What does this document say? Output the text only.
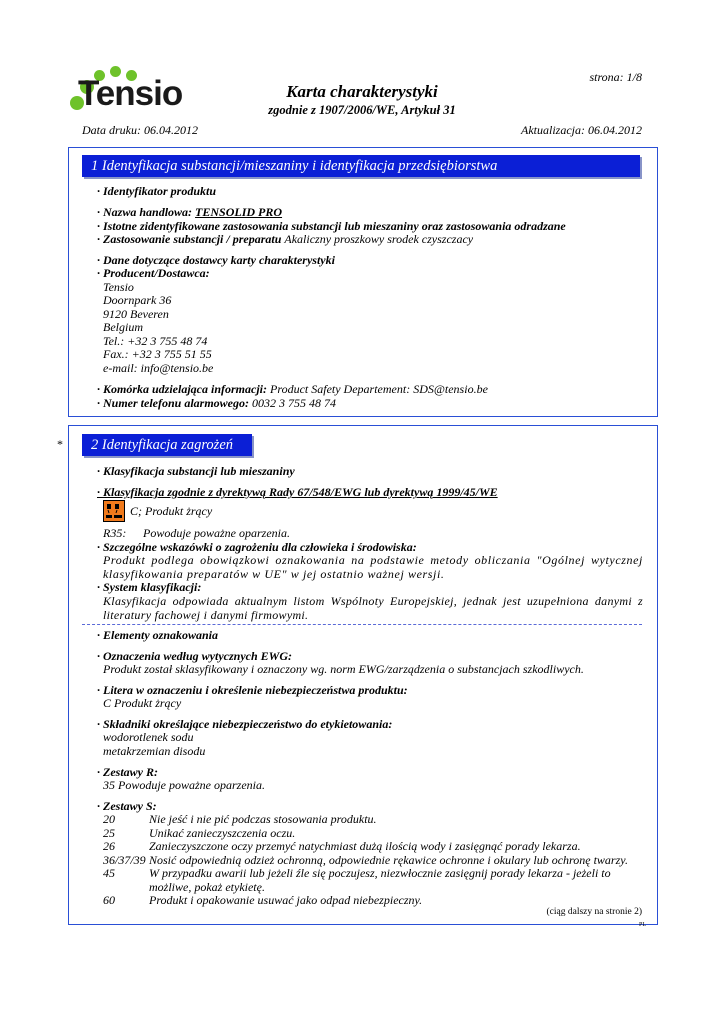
Tensio	strona: 1/8
Karta charakterystyki
zgodnie z 1907/2006/WE, Artykuł 31
Data druku: 06.04.2012	Aktualizacja: 06.04.2012
1 Identyfikacja substancji/mieszaniny i identyfikacja przedsiębiorstwa
· Identyfikator produktu
· Nazwa handlowa: TENSOLID PRO
· Istotne zidentyfikowane zastosowania substancji lub mieszaniny oraz zastosowania odradzane
· Zastosowanie substancji / preparatu Akaliczny proszkowy srodek czyszczacy
· Dane dotyczące dostawcy karty charakterystyki
· Producent/Dostawca:
Tensio
Doornpark 36
9120 Beveren
Belgium
Tel.: +32 3 755 48 74
Fax.: +32 3 755 51 55
e-mail: info@tensio.be
· Komórka udzielająca informacji: Product Safety Departement: SDS@tensio.be
· Numer telefonu alarmowego: 0032 3 755 48 74
*	2 Identyfikacja zagrożeń
· Klasyfikacja substancji lub mieszaniny
· Klasyfikacja zgodnie z dyrektywą Rady 67/548/EWG lub dyrektywą 1999/45/WE
C; Produkt żrący
R35: Powoduje poważne oparzenia.
· Szczególne wskazówki o zagrożeniu dla człowieka i środowiska:
Produkt podlega obowiązkowi oznakowania na podstawie metody obliczania "Ogólnej wytycznej klasyfikowania preparatów w UE" w jej ostatnio ważnej wersji.
· System klasyfikacji:
Klasyfikacja odpowiada aktualnym listom Wspólnoty Europejskiej, jednak jest uzupełniona danymi z literatury fachowej i danymi firmowymi.
· Elementy oznakowania
· Oznaczenia według wytycznych EWG:
Produkt został sklasyfikowany i oznaczony wg. norm EWG/zarządzenia o substancjach szkodliwych.
· Litera w oznaczeniu i określenie niebezpieczeństwa produktu:
C Produkt żrący
· Składniki określające niebezpieczeństwo do etykietowania:
wodorotlenek sodu
metakrzemian disodu
· Zestawy R:
35 Powoduje poważne oparzenia.
· Zestawy S:
20	Nie jeść i nie pić podczas stosowania produktu.
25	Unikać zanieczyszczenia oczu.
26	Zanieczyszczone oczy przemyć natychmiast dużą ilością wody i zasięgnąć porady lekarza.
36/37/39 Nosić odpowiednią odzież ochronną, odpowiednie rękawice ochronne i okulary lub ochronę twarzy.
45	W przypadku awarii lub jeżeli źle się poczujesz, niezwłocznie zasięgnij porady lekarza - jeżeli to
możliwe, pokaż etykietę.
60	Produkt i opakowanie usuwać jako odpad niebezpieczny.
(ciąg dalszy na stronie 2)
PL
